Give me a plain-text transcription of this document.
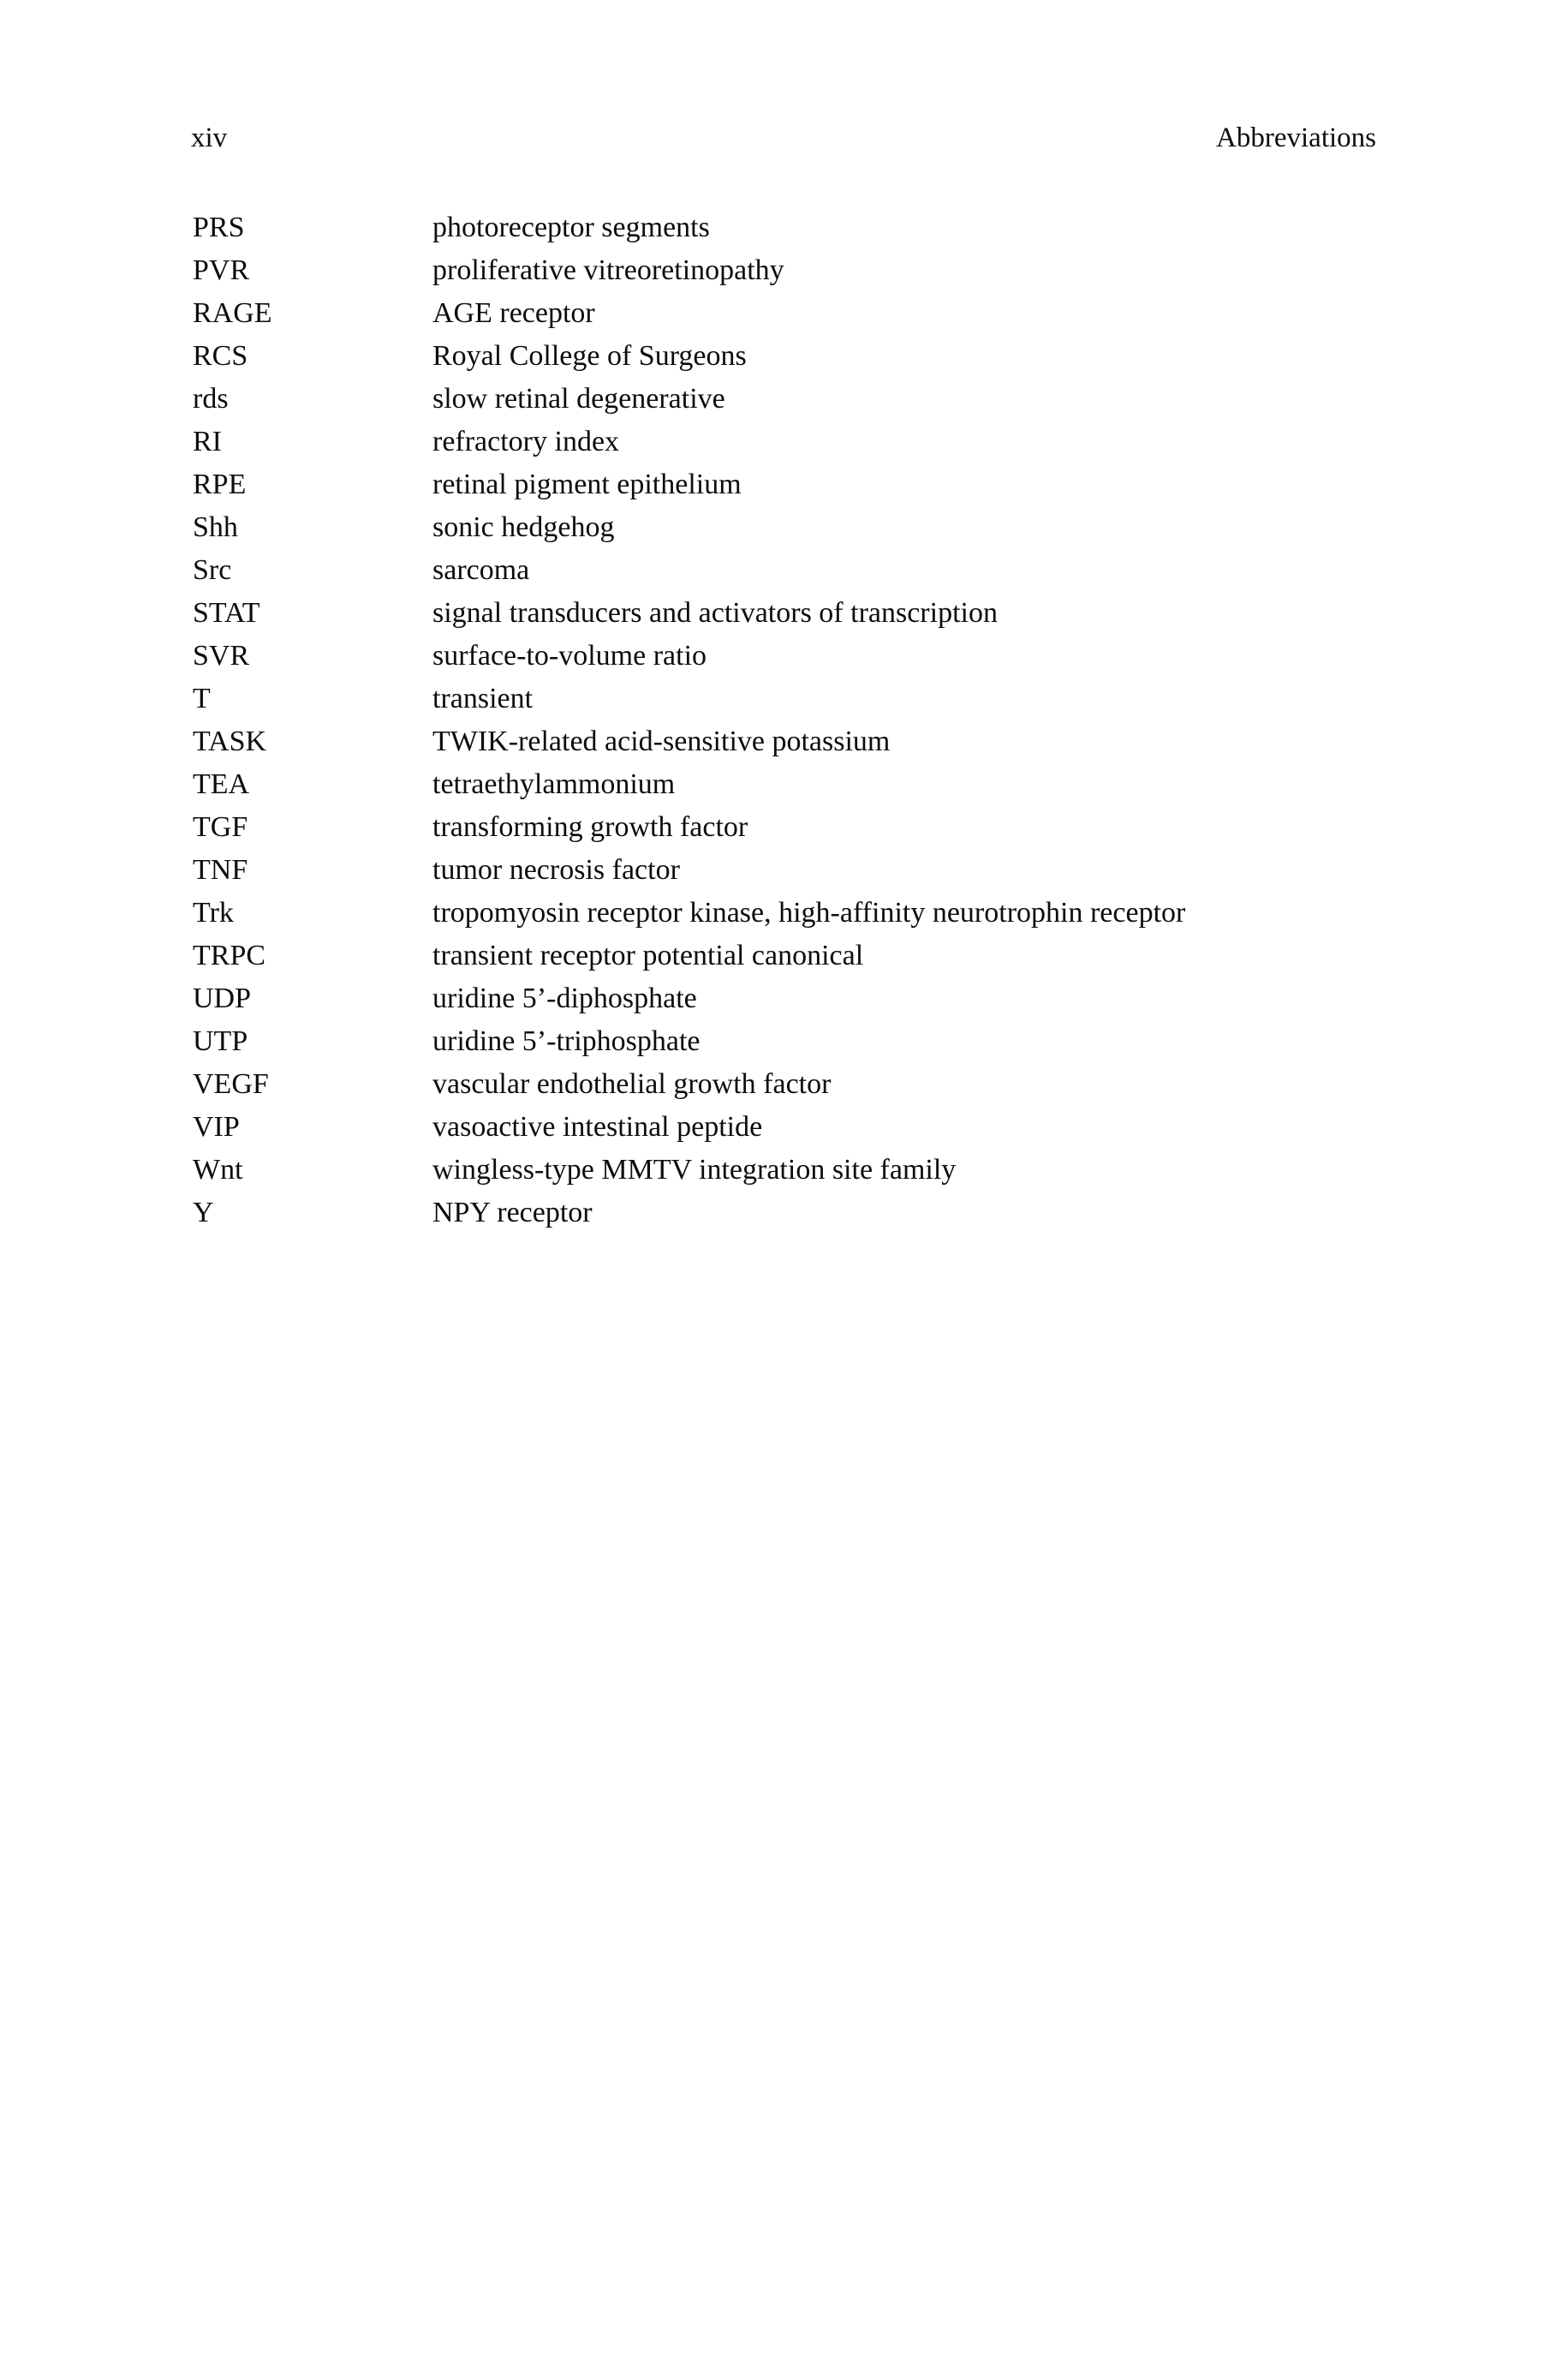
xiv	Abbreviations
PRS	photoreceptor segments
PVR	proliferative vitreoretinopathy
RAGE	AGE receptor
RCS	Royal College of Surgeons
rds	slow retinal degenerative
RI	refractory index
RPE	retinal pigment epithelium
Shh	sonic hedgehog
Src	sarcoma
STAT	signal transducers and activators of transcription
SVR	surface-to-volume ratio
T	transient
TASK	TWIK-related acid-sensitive potassium
TEA	tetraethylammonium
TGF	transforming growth factor
TNF	tumor necrosis factor
Trk	tropomyosin receptor kinase, high-affinity neurotrophin receptor
TRPC	transient receptor potential canonical
UDP	uridine 5’-diphosphate
UTP	uridine 5’-triphosphate
VEGF	vascular endothelial growth factor
VIP	vasoactive intestinal peptide
Wnt	wingless-type MMTV integration site family
Y	NPY receptor
